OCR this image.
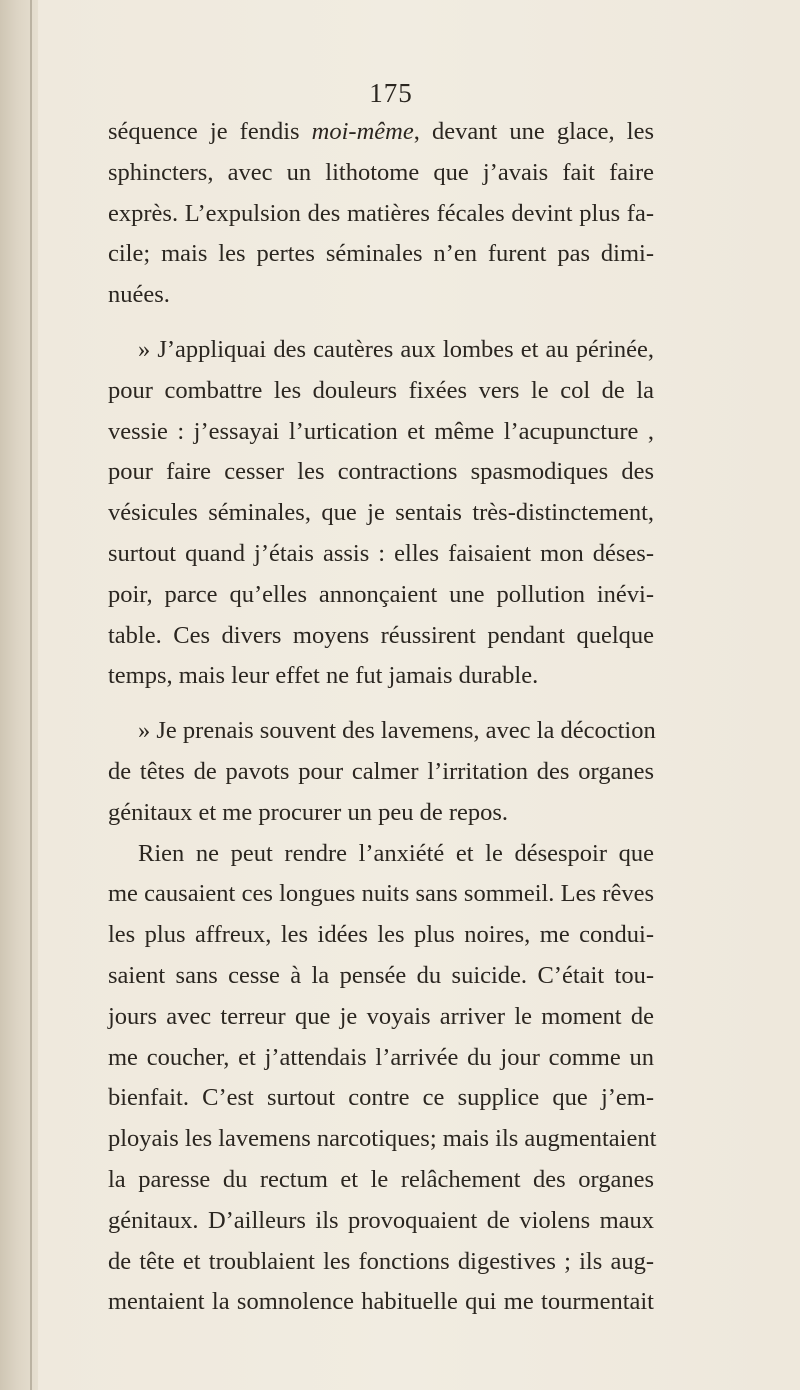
175
séquence je fendis moi-même, devant une glace, les
sphincters, avec un lithotome que j’avais fait faire
exprès. L’expulsion des matières fécales devint plus fa-
cile; mais les pertes séminales n’en furent pas dimi-
nuées.
» J’appliquai des cautères aux lombes et au périnée,
pour combattre les douleurs fixées vers le col de la
vessie : j’essayai l’urtication et même l’acupuncture ,
pour faire cesser les contractions spasmodiques des
vésicules séminales, que je sentais très-distinctement,
surtout quand j’étais assis : elles faisaient mon déses-
poir, parce qu’elles annonçaient une pollution inévi-
table. Ces divers moyens réussirent pendant quelque
temps, mais leur effet ne fut jamais durable.
» Je prenais souvent des lavemens, avec la décoction
de têtes de pavots pour calmer l’irritation des organes
génitaux et me procurer un peu de repos.
Rien ne peut rendre l’anxiété et le désespoir que
me causaient ces longues nuits sans sommeil. Les rêves
les plus affreux, les idées les plus noires, me condui-
saient sans cesse à la pensée du suicide. C’était tou-
jours avec terreur que je voyais arriver le moment de
me coucher, et j’attendais l’arrivée du jour comme un
bienfait. C’est surtout contre ce supplice que j’em-
ployais les lavemens narcotiques; mais ils augmentaient
la paresse du rectum et le relâchement des organes
génitaux. D’ailleurs ils provoquaient de violens maux
de tête et troublaient les fonctions digestives ; ils aug-
mentaient la somnolence habituelle qui me tourmentait
